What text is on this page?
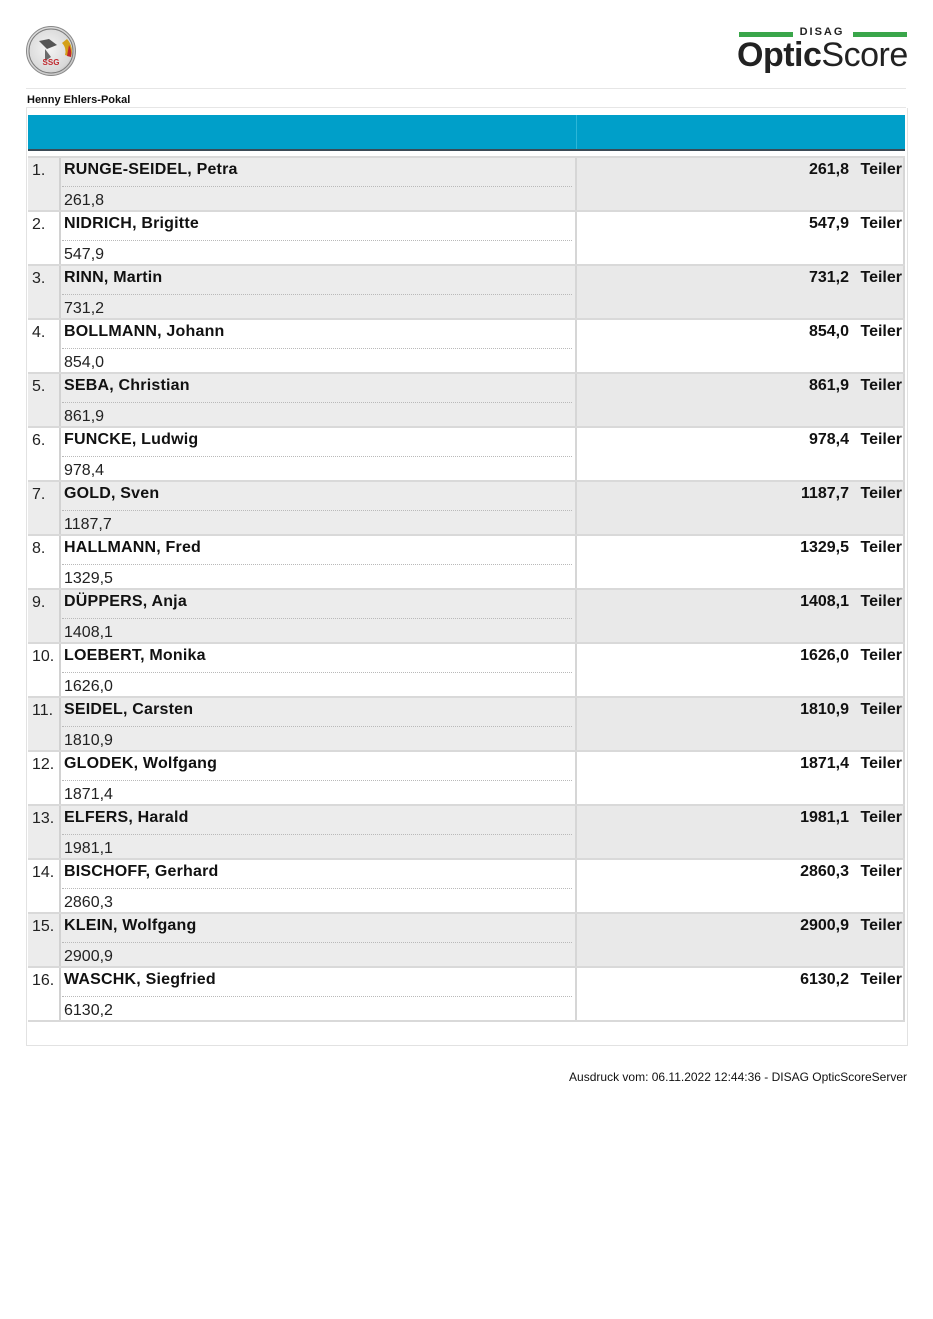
SSG
DISAG
OpticScore
Henny Ehlers-Pokal
1. RUNGE-SEIDEL, Petra
261,8
261,8 Teiler
2. NIDRICH, Brigitte
547,9
547,9 Teiler
3. RINN, Martin
731,2
731,2 Teiler
4. BOLLMANN, Johann
854,0
854,0 Teiler
5. SEBA, Christian
861,9
861,9 Teiler
6. FUNCKE, Ludwig
978,4
978,4 Teiler
7. GOLD, Sven
1187,7
1187,7 Teiler
8. HALLMANN, Fred
1329,5
1329,5 Teiler
9. DÜPPERS, Anja
1408,1
1408,1 Teiler
10. LOEBERT, Monika
1626,0
1626,0 Teiler
11. SEIDEL, Carsten
1810,9
1810,9 Teiler
12. GLODEK, Wolfgang
1871,4
1871,4 Teiler
13. ELFERS, Harald
1981,1
1981,1 Teiler
14. BISCHOFF, Gerhard
2860,3
2860,3 Teiler
15. KLEIN, Wolfgang
2900,9
2900,9 Teiler
16. WASCHK, Siegfried
6130,2
6130,2 Teiler
Ausdruck vom: 06.11.2022 12:44:36 - DISAG OpticScoreServer
